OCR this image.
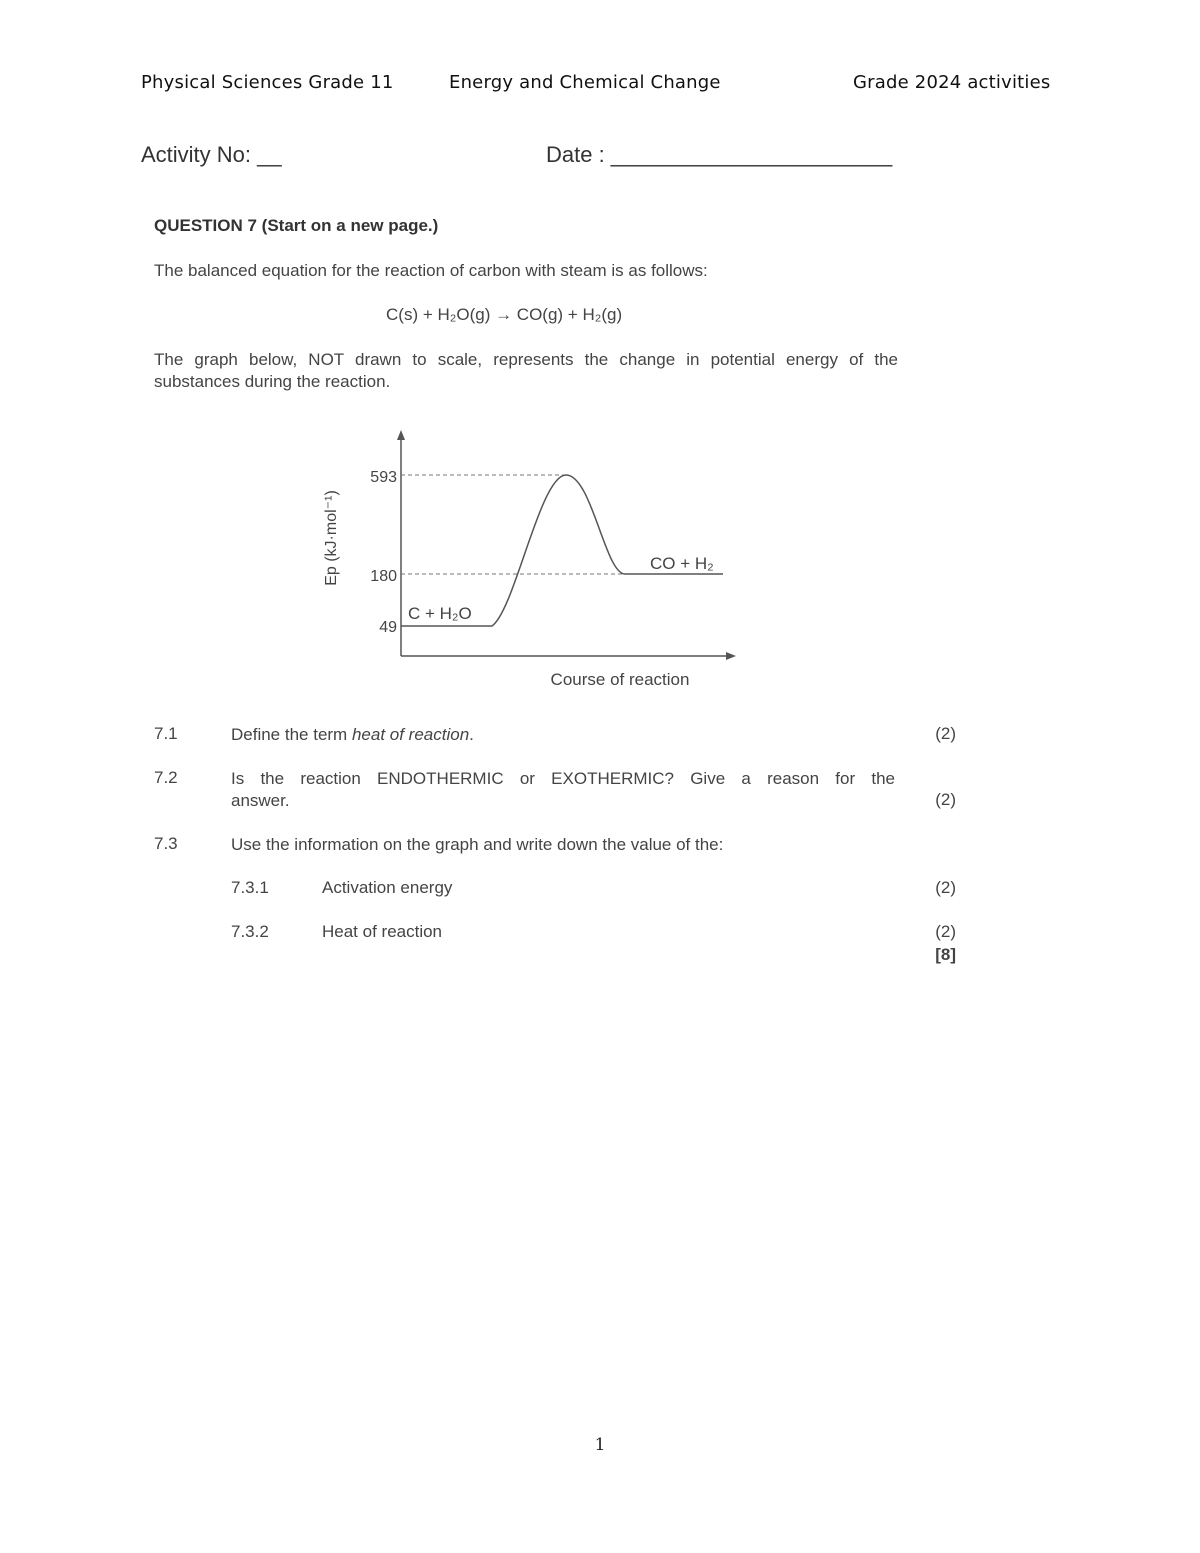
Physical Sciences Grade 11	Energy and Chemical Change	Grade 2024 activities
Activity No: __	Date : _______________________
QUESTION 7 (Start on a new page.)
The balanced equation for the reaction of carbon with steam is as follows:
C(s) + H₂O(g) → CO(g) + H₂(g)
The graph below, NOT drawn to scale, represents the change in potential energy of the substances during the reaction.
593
180
49
C + H₂O
CO + H₂
Course of reaction
Ep (kJ·mol⁻¹)
7.1	Define the term heat of reaction.	(2)
7.2	Is the reaction ENDOTHERMIC or EXOTHERMIC? Give a reason for the
answer.	(2)
7.3	Use the information on the graph and write down the value of the:
7.3.1	Activation energy	(2)
7.3.2	Heat of reaction	(2)
[8]
1
